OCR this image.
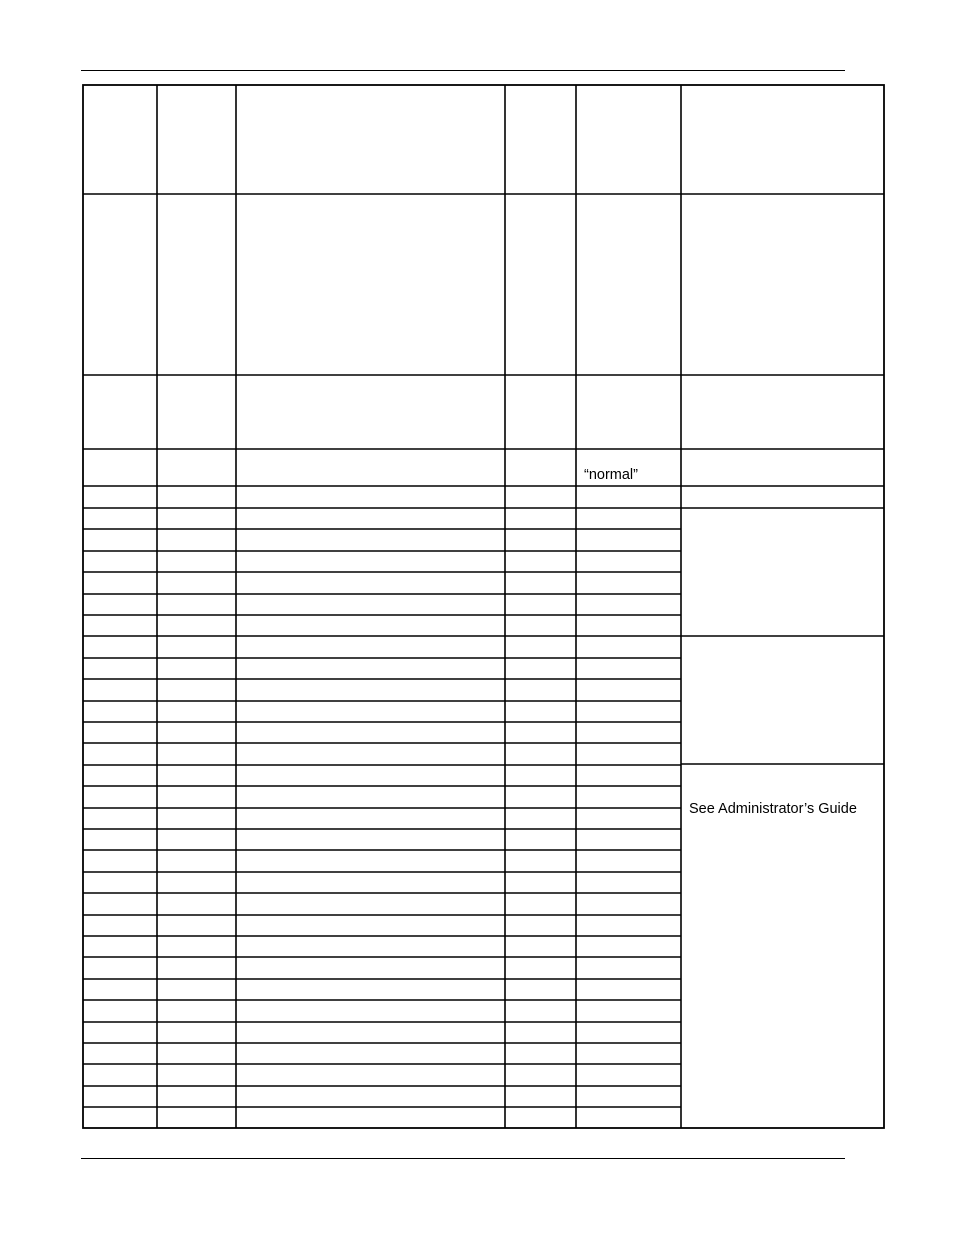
“normal”
See Administrator’s Guide
